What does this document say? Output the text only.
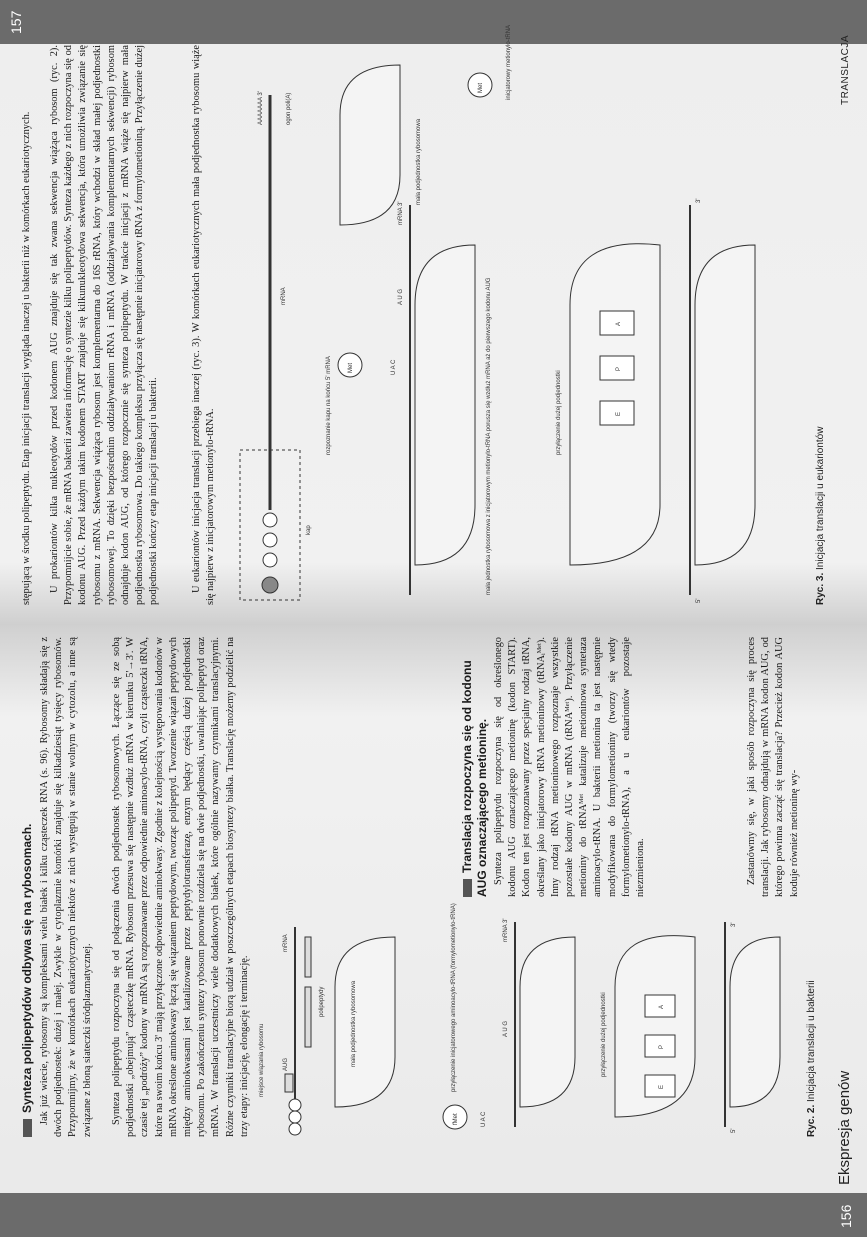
156
Ekspresja genów
Synteza polipeptydów odbywa się na rybosomach. Jak już wiecie, rybosomy są kompleksami wielu białek i kilku cząsteczek RNA (s. 96). Rybosomy składają się z dwóch podjednostek: dużej i małej. Zwykle w cytoplazmie komórki znajduje się kilkadziesiąt tysięcy rybosomów. Przypomnijmy, że w komórkach eukariotycznych niektóre z nich występują w stanie wolnym w cytozolu, a inne są związane z błoną siateczki śródplazmatycznej. Synteza polipeptydu rozpoczyna się od połączenia dwóch podjednostek rybosomowych. Łączące się ze sobą podjednostki „obejmują” cząsteczkę mRNA. Rybosom przesuwa się następnie wzdłuż mRNA w kierunku 5'→3'. W czasie tej „podróży” kodony w mRNA są rozpoznawane przez odpowiednie aminoacylo-tRNA, czyli cząsteczki tRNA, które na swoim końcu 3' mają przyłączone odpowiednie aminokwasy. Zgodnie z kolejnością występowania kodonów w mRNA określone aminokwasy łączą się wiązaniem peptydowym, tworząc polipeptyd. Tworzenie wiązań peptydowych między aminokwasami jest katalizowane przez peptydylotransferazę, enzym będący częścią dużej podjednostki rybosomu. Po zakończeniu syntezy rybosom ponownie rozdziela się na dwie podjednostki, uwalniając polipeptyd oraz mRNA. W translacji uczestniczy wiele dodatkowych białek, które ogólnie nazywamy czynnikami translacyjnymi. Różne czynniki translacyjne biorą udział w poszczególnych etapach biosyntezy białka. Translację możemy podzielić na trzy etapy: inicjację, elongację i terminację. miejsce wiązania rybosomu	AUG
mRNA
polipeptydy	mała podjednostka rybosomowa
fMet	U A C
przyłączenie inicjatorowego aminoacylo-tRNA (formylometionylo-tRNA)	A U G
mRNA 3'
przyłączenie dużej podjednostki
E
P
A
5'
3'
Ryc. 2. Inicjacja translacji u bakterii

Translacja rozpoczyna się od kodonu AUG oznaczającego metioninę. Synteza polipeptydu rozpoczyna się od określonego kodonu AUG oznaczającego metioninę (kodon START). Kodon ten jest rozpoznawany przez specjalny rodzaj tRNA, określany jako inicjatorowy tRNA metioninowy (tRNAᵢᴹᵉᵗ). Inny rodzaj tRNA metioninowego rozpoznaje wszystkie pozostałe kodony AUG w mRNA (tRNAᴹᵉᵗ). Przyłączenie metioniny do tRNAᴹᵉᵗ katalizuje metioninowa syntetaza aminoacylo-tRNA. U bakterii metionina ta jest następnie modyfikowana do formylometioniny (tworzy się wtedy formylometionylo-tRNA), a u eukariontów pozostaje niezmieniona.	Zastanówmy się, w jaki sposób rozpoczyna się proces translacji. Jak rybosomy odnajdują w mRNA kodon AUG, od którego powinna zacząć się translacja? Przecież kodon AUG koduje również metioninę wy-

157
TRANSLACJA

stępującą w środku polipeptydu. Etap inicjacji translacji wygląda inaczej u bakterii niż w komórkach eukariotycznych. U prokariontów kilka nukleotydów przed kodonem AUG znajduje się tak zwana sekwencja wiążąca rybosom (ryc. 2). Przypomnijcie sobie, że mRNA bakterii zawiera informację o syntezie kilku polipeptydów. Synteza każdego z nich rozpoczyna się od kodonu AUG. Przed każdym takim kodonem START znajduje się kilkunukleotydowa sekwencja, która umożliwia związanie się rybosomu z mRNA. Sekwencja wiążąca rybosom jest komplementarna do 16S rRNA, który wchodzi w skład małej podjednostki rybosomowej. To dzięki bezpośrednim oddziaływaniom rRNA i mRNA (oddziaływania komplementarnych sekwencji) rybosom odnajduje kodon AUG, od którego rozpocznie się synteza polipeptydu. W trakcie inicjacji z mRNA wiąże się najpierw mała podjednostka rybosomowa. Do takiego kompleksu przyłącza się następnie inicjatorowy tRNA z formylometioniną. Przyłączenie dużej podjednostki kończy etap inicjacji translacji u bakterii.	U eukariontów inicjacja translacji przebiega inaczej (ryc. 3). W komórkach eukariotycznych mała podjednostka rybosomu wiąże się najpierw z inicjatorowym metionylo-tRNA.	kap
mRNA
AAAAAAA 3'	ogon poli(A)
mała podjednostka rybosomowa
Met	inicjatorowy metionylo-tRNA
rozpoznanie kapu na końcu 5' mRNA	Met	U A C
A U G
mRNA 3'
mała jednostka rybosomowa z inicjatorowym metionylo-tRNA porusza się wzdłuż mRNA aż do pierwszego kodonu AUG	przyłączenie dużej podjednostki	E
P
A
5'
3'
Ryc. 3. Inicjacja translacji u eukariontów
